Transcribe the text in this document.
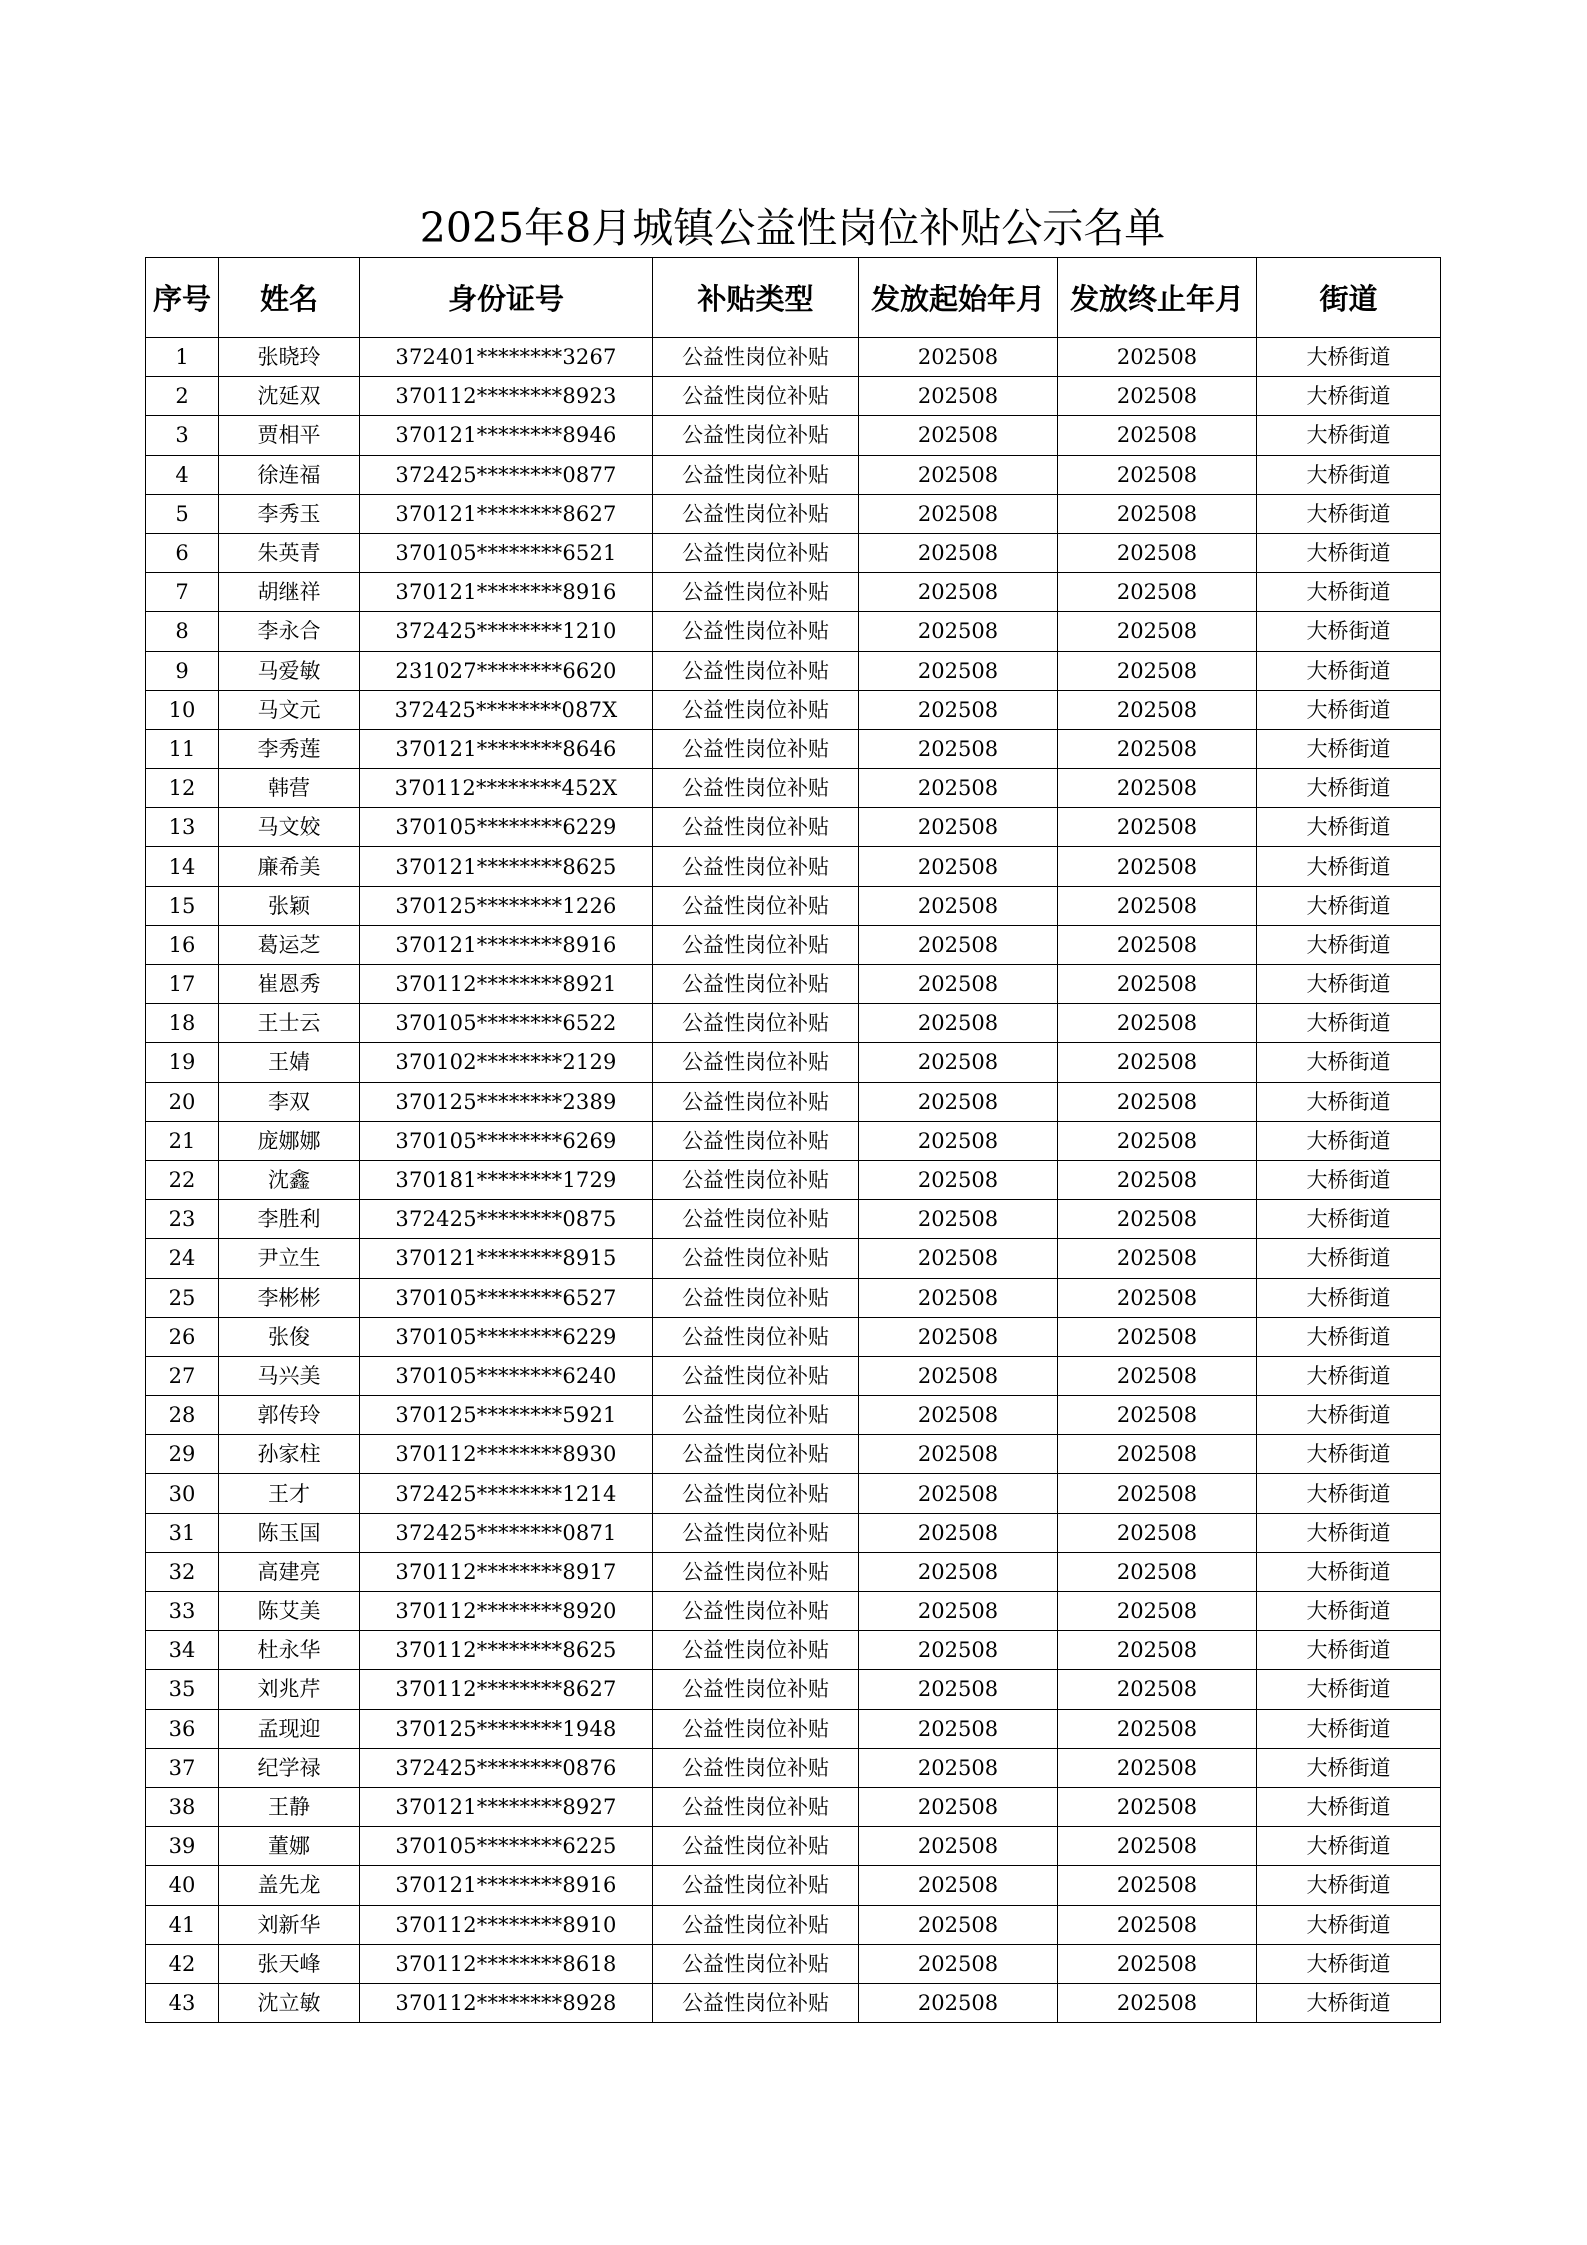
2025年8月城镇公益性岗位补贴公示名单
序号	姓名	身份证号	补贴类型	发放起始年月	发放终止年月	街道
1	张晓玲	372401********3267	公益性岗位补贴	202508	202508	大桥街道
2	沈延双	370112********8923	公益性岗位补贴	202508	202508	大桥街道
3	贾相平	370121********8946	公益性岗位补贴	202508	202508	大桥街道
4	徐连福	372425********0877	公益性岗位补贴	202508	202508	大桥街道
5	李秀玉	370121********8627	公益性岗位补贴	202508	202508	大桥街道
6	朱英青	370105********6521	公益性岗位补贴	202508	202508	大桥街道
7	胡继祥	370121********8916	公益性岗位补贴	202508	202508	大桥街道
8	李永合	372425********1210	公益性岗位补贴	202508	202508	大桥街道
9	马爱敏	231027********6620	公益性岗位补贴	202508	202508	大桥街道
10	马文元	372425********087X	公益性岗位补贴	202508	202508	大桥街道
11	李秀莲	370121********8646	公益性岗位补贴	202508	202508	大桥街道
12	韩营	370112********452X	公益性岗位补贴	202508	202508	大桥街道
13	马文姣	370105********6229	公益性岗位补贴	202508	202508	大桥街道
14	廉希美	370121********8625	公益性岗位补贴	202508	202508	大桥街道
15	张颖	370125********1226	公益性岗位补贴	202508	202508	大桥街道
16	葛运芝	370121********8916	公益性岗位补贴	202508	202508	大桥街道
17	崔恩秀	370112********8921	公益性岗位补贴	202508	202508	大桥街道
18	王士云	370105********6522	公益性岗位补贴	202508	202508	大桥街道
19	王婧	370102********2129	公益性岗位补贴	202508	202508	大桥街道
20	李双	370125********2389	公益性岗位补贴	202508	202508	大桥街道
21	庞娜娜	370105********6269	公益性岗位补贴	202508	202508	大桥街道
22	沈鑫	370181********1729	公益性岗位补贴	202508	202508	大桥街道
23	李胜利	372425********0875	公益性岗位补贴	202508	202508	大桥街道
24	尹立生	370121********8915	公益性岗位补贴	202508	202508	大桥街道
25	李彬彬	370105********6527	公益性岗位补贴	202508	202508	大桥街道
26	张俊	370105********6229	公益性岗位补贴	202508	202508	大桥街道
27	马兴美	370105********6240	公益性岗位补贴	202508	202508	大桥街道
28	郭传玲	370125********5921	公益性岗位补贴	202508	202508	大桥街道
29	孙家柱	370112********8930	公益性岗位补贴	202508	202508	大桥街道
30	王才	372425********1214	公益性岗位补贴	202508	202508	大桥街道
31	陈玉国	372425********0871	公益性岗位补贴	202508	202508	大桥街道
32	高建亮	370112********8917	公益性岗位补贴	202508	202508	大桥街道
33	陈艾美	370112********8920	公益性岗位补贴	202508	202508	大桥街道
34	杜永华	370112********8625	公益性岗位补贴	202508	202508	大桥街道
35	刘兆芹	370112********8627	公益性岗位补贴	202508	202508	大桥街道
36	孟现迎	370125********1948	公益性岗位补贴	202508	202508	大桥街道
37	纪学禄	372425********0876	公益性岗位补贴	202508	202508	大桥街道
38	王静	370121********8927	公益性岗位补贴	202508	202508	大桥街道
39	董娜	370105********6225	公益性岗位补贴	202508	202508	大桥街道
40	盖先龙	370121********8916	公益性岗位补贴	202508	202508	大桥街道
41	刘新华	370112********8910	公益性岗位补贴	202508	202508	大桥街道
42	张天峰	370112********8618	公益性岗位补贴	202508	202508	大桥街道
43	沈立敏	370112********8928	公益性岗位补贴	202508	202508	大桥街道
